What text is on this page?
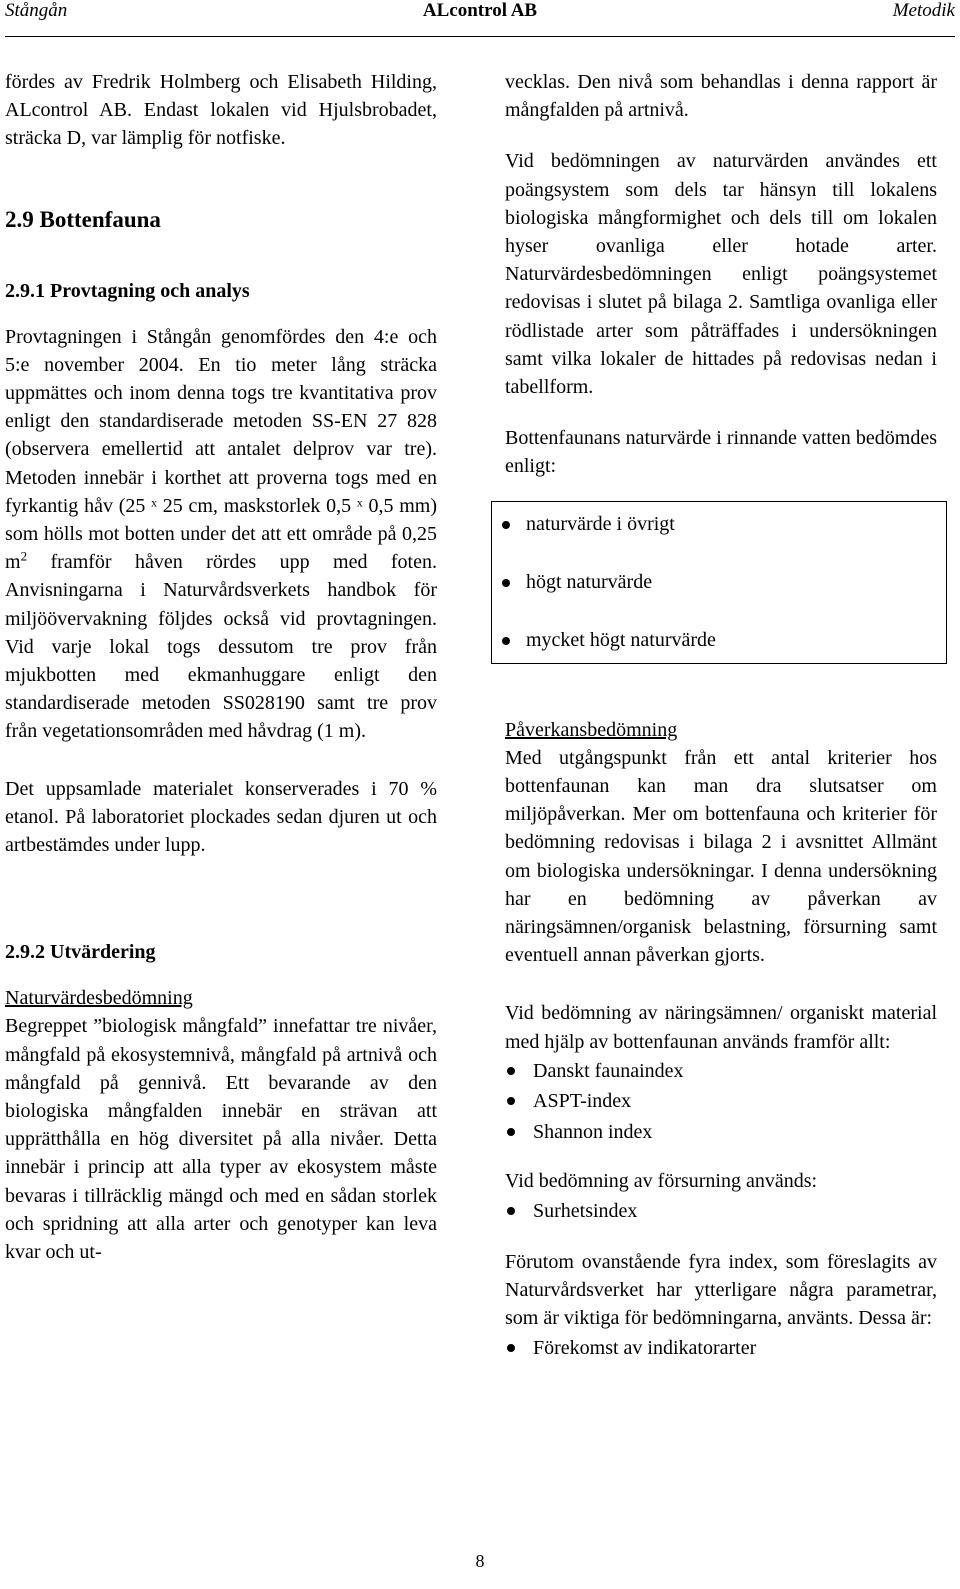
Stångån	ALcontrol AB	Metodik

fördes av Fredrik Holmberg och Elisabeth Hilding, ALcontrol AB. Endast lokalen vid Hjulsbrobadet, sträcka D, var lämplig för notfiske.

2.9 Bottenfauna
2.9.1 Provtagning och analys

Provtagningen i Stångån genomfördes den 4:e och 5:e november 2004. En tio meter lång sträcka uppmättes och inom denna togs tre kvantitativa prov enligt den standardiserade metoden SS-EN 27 828 (observera emellertid att antalet delprov var tre). Metoden innebär i korthet att proverna togs med en fyrkantig håv (25 ˣ 25 cm, maskstorlek 0,5 ˣ 0,5 mm) som hölls mot botten under det att ett område på 0,25 $m^2$ framför håven rördes upp med foten. Anvisningarna i Naturvårdsverkets handbok för miljöövervakning följdes också vid provtagningen. Vid varje lokal togs dessutom tre prov från mjukbotten med ekmanhuggare enligt den standardiserade metoden SS028190 samt tre prov från vegetationsområden med håvdrag (1 m).

Det uppsamlade materialet konserverades i 70 % etanol. På laboratoriet plockades sedan djuren ut och artbestämdes under lupp.

2.9.2 Utvärdering
Naturvärdesbedömning

Begreppet ”biologisk mångfald” innefattar tre nivåer, mångfald på ekosystemnivå, mångfald på artnivå och mångfald på gennivå. Ett bevarande av den biologiska mångfalden innebär en strävan att upprätthålla en hög diversitet på alla nivåer. Detta innebär i princip att alla typer av ekosystem måste bevaras i tillräcklig mängd och med en sådan storlek och spridning att alla arter och genotyper kan leva kvar och ut-

vecklas. Den nivå som behandlas i denna rapport är mångfalden på artnivå.

Vid bedömningen av naturvärden användes ett poängsystem som dels tar hänsyn till lokalens biologiska mångformighet och dels till om lokalen hyser ovanliga eller hotade arter. Naturvärdesbedömningen enligt poängsystemet redovisas i slutet på bilaga 2. Samtliga ovanliga eller rödlistade arter som påträffades i undersökningen samt vilka lokaler de hittades på redovisas nedan i tabellform.

Bottenfaunans naturvärde i rinnande vatten bedömdes enligt:

naturvärde i övrigt
högt naturvärde
mycket högt naturvärde
Påverkansbedömning

Med utgångspunkt från ett antal kriterier hos bottenfaunan kan man dra slutsatser om miljöpåverkan. Mer om bottenfauna och kriterier för bedömning redovisas i bilaga 2 i avsnittet Allmänt om biologiska undersökningar. I denna undersökning har en bedömning av påverkan av näringsämnen/organisk belastning, försurning samt eventuell annan påverkan gjorts.

Vid bedömning av näringsämnen/ organiskt material med hjälp av bottenfaunan används framför allt:

Danskt faunaindex
ASPT-index
Shannon index

Vid bedömning av försurning används:

Surhetsindex

Förutom ovanstående fyra index, som föreslagits av Naturvårdsverket har ytterligare några parametrar, som är viktiga för bedömningarna, använts. Dessa är:

Förekomst av indikatorarter
8
